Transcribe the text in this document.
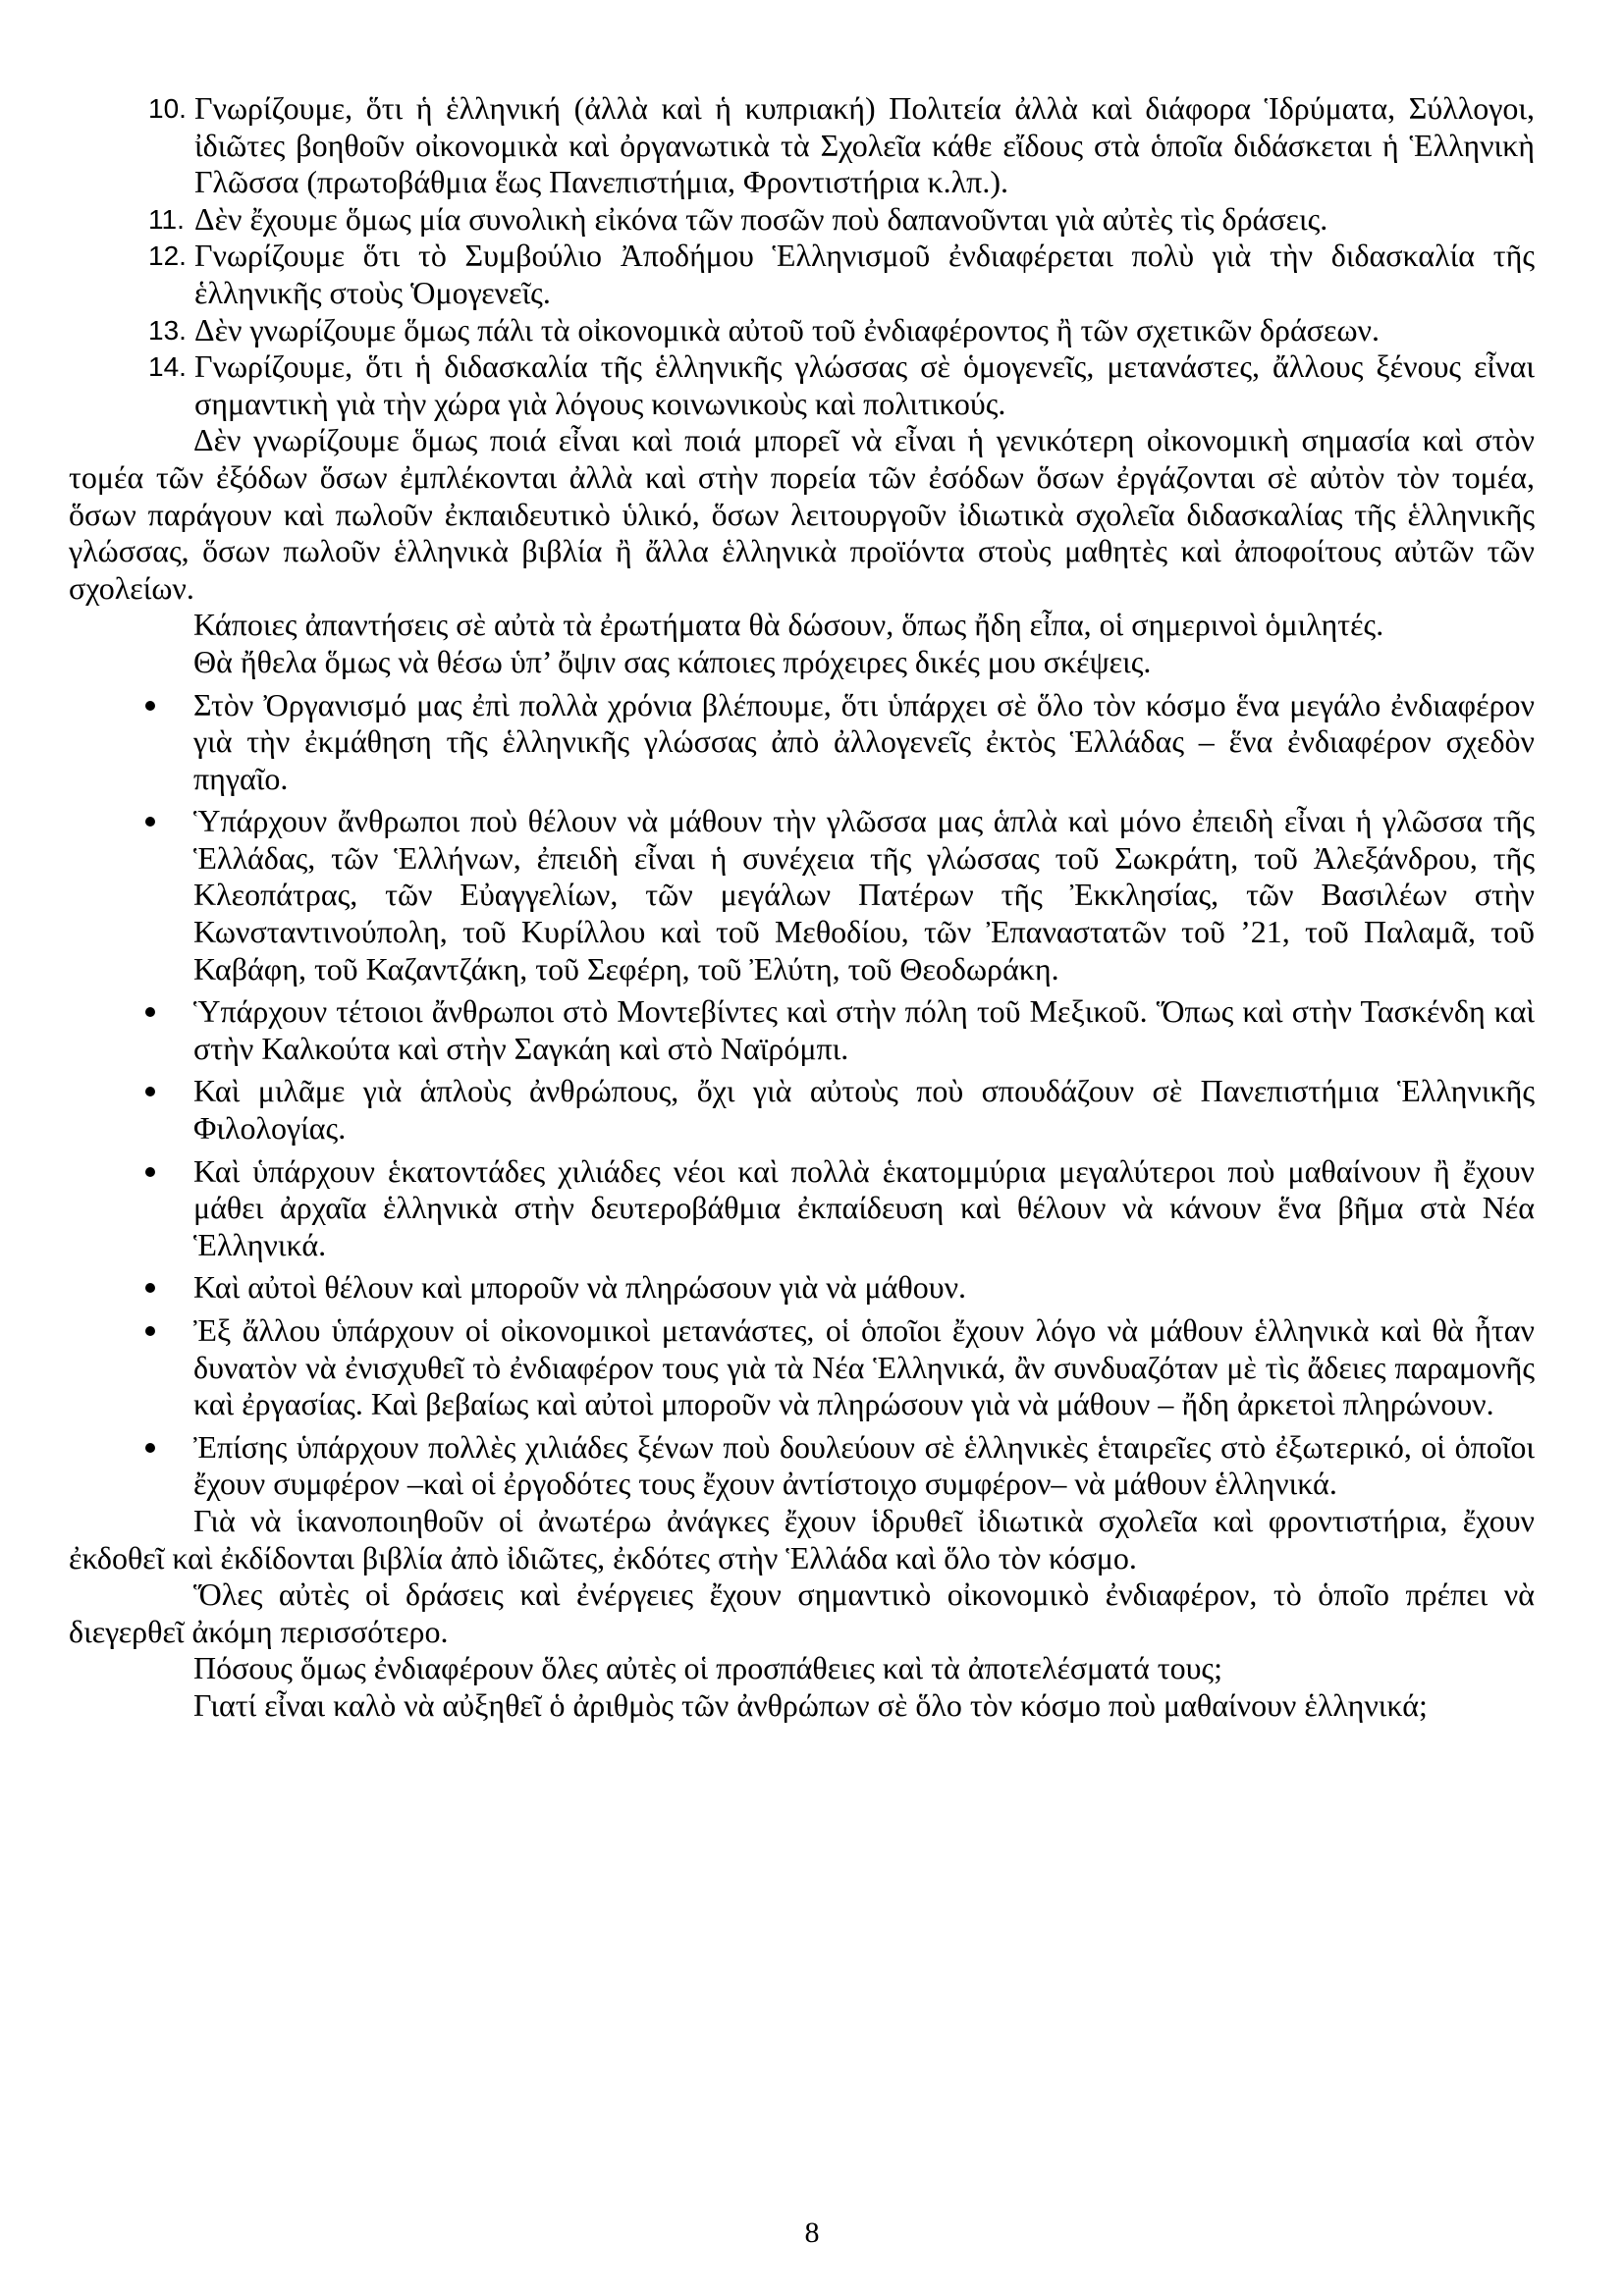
10. Γνωρίζουμε, ὅτι ἡ ἑλληνική (ἀλλὰ καὶ ἡ κυπριακή) Πολιτεία ἀλλὰ καὶ διάφορα Ἱδρύματα, Σύλλογοι, ἰδιῶτες βοηθοῦν οἰκονομικὰ καὶ ὀργανωτικὰ τὰ Σχολεῖα κάθε εἴδους στὰ ὁποῖα διδάσκεται ἡ Ἑλληνικὴ Γλῶσσα (πρωτοβάθμια ἕως Πανεπιστήμια, Φροντιστήρια κ.λπ.).

11. Δὲν ἔχουμε ὅμως μία συνολικὴ εἰκόνα τῶν ποσῶν ποὺ δαπανοῦνται γιὰ αὐτὲς τὶς δράσεις.

12. Γνωρίζουμε ὅτι τὸ Συμβούλιο Ἀποδήμου Ἑλληνισμοῦ ἐνδιαφέρεται πολὺ γιὰ τὴν διδασκαλία τῆς ἑλληνικῆς στοὺς Ὁμογενεῖς.

13. Δὲν γνωρίζουμε ὅμως πάλι τὰ οἰκονομικὰ αὐτοῦ τοῦ ἐνδιαφέροντος ἢ τῶν σχετικῶν δράσεων.

14. Γνωρίζουμε, ὅτι ἡ διδασκαλία τῆς ἑλληνικῆς γλώσσας σὲ ὁμογενεῖς, μετανάστες, ἄλλους ξένους εἶναι σημαντικὴ γιὰ τὴν χώρα γιὰ λόγους κοινωνικοὺς καὶ πολιτικούς.

Δὲν γνωρίζουμε ὅμως ποιά εἶναι καὶ ποιά μπορεῖ νὰ εἶναι ἡ γενικότερη οἰκονομικὴ σημασία καὶ στὸν τομέα τῶν ἐξόδων ὅσων ἐμπλέκονται ἀλλὰ καὶ στὴν πορεία τῶν ἐσόδων ὅσων ἐργάζονται σὲ αὐτὸν τὸν τομέα, ὅσων παράγουν καὶ πωλοῦν ἐκπαιδευτικὸ ὑλικό, ὅσων λειτουργοῦν ἰδιωτικὰ σχολεῖα διδασκαλίας τῆς ἑλληνικῆς γλώσσας, ὅσων πωλοῦν ἑλληνικὰ βιβλία ἢ ἄλλα ἑλληνικὰ προϊόντα στοὺς μαθητὲς καὶ ἀποφοίτους αὐτῶν τῶν σχολείων.

Κάποιες ἀπαντήσεις σὲ αὐτὰ τὰ ἐρωτήματα θὰ δώσουν, ὅπως ἤδη εἶπα, οἱ σημερινοὶ ὁμιλητές.

Θὰ ἤθελα ὅμως νὰ θέσω ὑπ’ ὄψιν σας κάποιες πρόχειρες δικές μου σκέψεις.

Στὸν Ὀργανισμό μας ἐπὶ πολλὰ χρόνια βλέπουμε, ὅτι ὑπάρχει σὲ ὅλο τὸν κόσμο ἕνα μεγάλο ἐνδιαφέρον γιὰ τὴν ἐκμάθηση τῆς ἑλληνικῆς γλώσσας ἀπὸ ἀλλογενεῖς ἐκτὸς Ἑλλάδας – ἕνα ἐνδιαφέρον σχεδὸν πηγαῖο.

Ὑπάρχουν ἄνθρωποι ποὺ θέλουν νὰ μάθουν τὴν γλῶσσα μας ἁπλὰ καὶ μόνο ἐπειδὴ εἶναι ἡ γλῶσσα τῆς Ἑλλάδας, τῶν Ἑλλήνων, ἐπειδὴ εἶναι ἡ συνέχεια τῆς γλώσσας τοῦ Σωκράτη, τοῦ Ἀλεξάνδρου, τῆς Κλεοπάτρας, τῶν Εὐαγγελίων, τῶν μεγάλων Πατέρων τῆς Ἐκκλησίας, τῶν Βασιλέων στὴν Κωνσταντινούπολη, τοῦ Κυρίλλου καὶ τοῦ Μεθοδίου, τῶν Ἐπαναστατῶν τοῦ ’21, τοῦ Παλαμᾶ, τοῦ Καβάφη, τοῦ Καζαντζάκη, τοῦ Σεφέρη, τοῦ Ἐλύτη, τοῦ Θεοδωράκη.

Ὑπάρχουν τέτοιοι ἄνθρωποι στὸ Μοντεβίντες καὶ στὴν πόλη τοῦ Μεξικοῦ. Ὅπως καὶ στὴν Τασκένδη καὶ στὴν Καλκούτα καὶ στὴν Σαγκάη καὶ στὸ Ναϊρόμπι.

Καὶ μιλᾶμε γιὰ ἁπλοὺς ἀνθρώπους, ὄχι γιὰ αὐτοὺς ποὺ σπουδάζουν σὲ Πανεπιστήμια Ἑλληνικῆς Φιλολογίας.

Καὶ ὑπάρχουν ἑκατοντάδες χιλιάδες νέοι καὶ πολλὰ ἑκατομμύρια μεγαλύτεροι ποὺ μαθαίνουν ἢ ἔχουν μάθει ἀρχαῖα ἑλληνικὰ στὴν δευτεροβάθμια ἐκπαίδευση καὶ θέλουν νὰ κάνουν ἕνα βῆμα στὰ Νέα Ἑλληνικά.

Καὶ αὐτοὶ θέλουν καὶ μποροῦν νὰ πληρώσουν γιὰ νὰ μάθουν.

Ἐξ ἄλλου ὑπάρχουν οἱ οἰκονομικοὶ μετανάστες, οἱ ὁποῖοι ἔχουν λόγο νὰ μάθουν ἑλληνικὰ καὶ θὰ ἦταν δυνατὸν νὰ ἐνισχυθεῖ τὸ ἐνδιαφέρον τους γιὰ τὰ Νέα Ἑλληνικά, ἂν συνδυαζόταν μὲ τὶς ἄδειες παραμονῆς καὶ ἐργασίας. Καὶ βεβαίως καὶ αὐτοὶ μποροῦν νὰ πληρώσουν γιὰ νὰ μάθουν – ἤδη ἀρκετοὶ πληρώνουν.

Ἐπίσης ὑπάρχουν πολλὲς χιλιάδες ξένων ποὺ δουλεύουν σὲ ἑλληνικὲς ἑταιρεῖες στὸ ἐξωτερικό, οἱ ὁποῖοι ἔχουν συμφέρον –καὶ οἱ ἐργοδότες τους ἔχουν ἀντίστοιχο συμφέρον– νὰ μάθουν ἑλληνικά.

Γιὰ νὰ ἱκανοποιηθοῦν οἱ ἀνωτέρω ἀνάγκες ἔχουν ἱδρυθεῖ ἰδιωτικὰ σχολεῖα καὶ φροντιστήρια, ἔχουν ἐκδοθεῖ καὶ ἐκδίδονται βιβλία ἀπὸ ἰδιῶτες, ἐκδότες στὴν Ἑλλάδα καὶ ὅλο τὸν κόσμο.

Ὅλες αὐτὲς οἱ δράσεις καὶ ἐνέργειες ἔχουν σημαντικὸ οἰκονομικὸ ἐνδιαφέρον, τὸ ὁποῖο πρέπει νὰ διεγερθεῖ ἀκόμη περισσότερο.

Πόσους ὅμως ἐνδιαφέρουν ὅλες αὐτὲς οἱ προσπάθειες καὶ τὰ ἀποτελέσματά τους;

Γιατί εἶναι καλὸ νὰ αὐξηθεῖ ὁ ἀριθμὸς τῶν ἀνθρώπων σὲ ὅλο τὸν κόσμο ποὺ μαθαίνουν ἑλληνικά;

8
